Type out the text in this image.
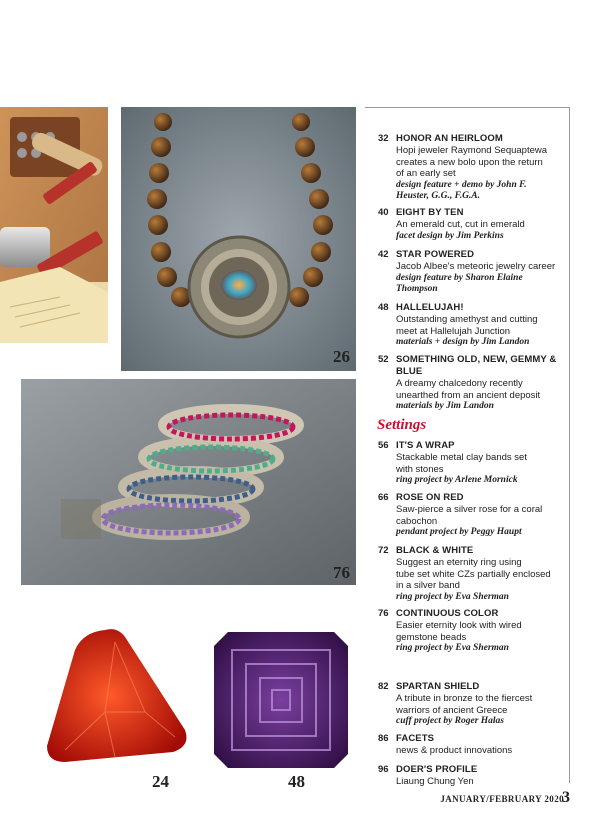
26
76
24	48
32 HONOR AN HEIRLOOM
Hopi jeweler Raymond Sequaptewa
creates a new bolo upon the return
of an early set
design feature + demo by John F.
Heuster, G.G., F.G.A.
40 EIGHT BY TEN
An emerald cut, cut in emerald
facet design by Jim Perkins
42 STAR POWERED
Jacob Albee's meteoric jewelry career
design feature by Sharon Elaine
Thompson
48 HALLELUJAH!
Outstanding amethyst and cutting
meet at Hallelujah Junction
materials + design by Jim Landon
52 SOMETHING OLD, NEW, GEMMY & BLUE
A dreamy chalcedony recently
unearthed from an ancient deposit
materials by Jim Landon
Settings
56 IT'S A WRAP
Stackable metal clay bands set
with stones
ring project by Arlene Mornick
66 ROSE ON RED
Saw-pierce a silver rose for a coral
cabochon
pendant project by Peggy Haupt
72 BLACK & WHITE
Suggest an eternity ring using
tube set white CZs partially enclosed
in a silver band
ring project by Eva Sherman
76 CONTINUOUS COLOR
Easier eternity look with wired
gemstone beads
ring project by Eva Sherman
82 SPARTAN SHIELD
A tribute in bronze to the fiercest
warriors of ancient Greece
cuff project by Roger Halas
86 FACETS
news & product innovations
96 DOER'S PROFILE
Liaung Chung Yen
JANUARY/FEBRUARY 2020
3
